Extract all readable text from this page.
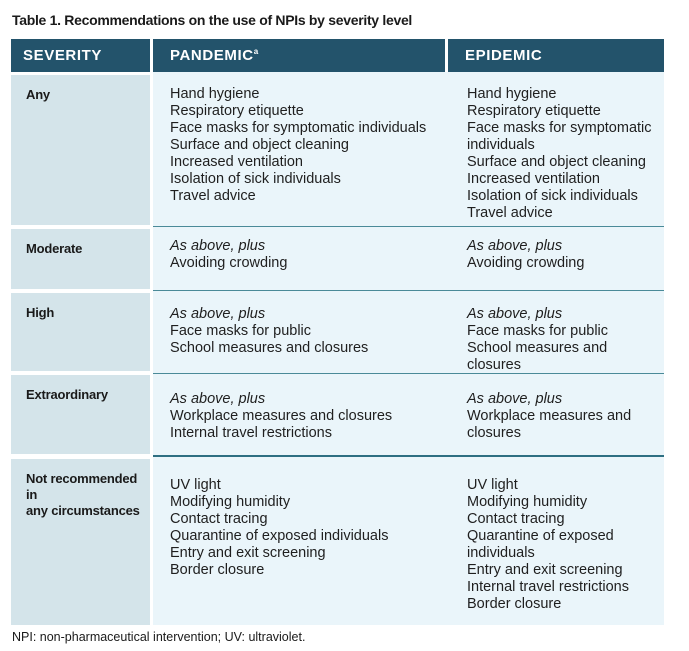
Table 1. Recommendations on the use of NPIs by severity level
SEVERITY	PANDEMIC$^a$	EPIDEMIC
Any
Moderate
High
Extraordinary
Not recommended in
any circumstances
Hand hygiene
Respiratory etiquette
Face masks for symptomatic individuals
Surface and object cleaning
Increased ventilation
Isolation of sick individuals
Travel advice
Hand hygiene
Respiratory etiquette
Face masks for symptomatic
individuals
Surface and object cleaning
Increased ventilation
Isolation of sick individuals
Travel advice
As above, plus
Avoiding crowding
As above, plus
Avoiding crowding
As above, plus
Face masks for public
School measures and closures
As above, plus
Face masks for public
School measures and closures
As above, plus
Workplace measures and closures
Internal travel restrictions
As above, plus
Workplace measures and
closures
UV light
Modifying humidity
Contact tracing
Quarantine of exposed individuals
Entry and exit screening
Border closure
UV light
Modifying humidity
Contact tracing
Quarantine of exposed
individuals
Entry and exit screening
Internal travel restrictions
Border closure
NPI: non-pharmaceutical intervention; UV: ultraviolet.
